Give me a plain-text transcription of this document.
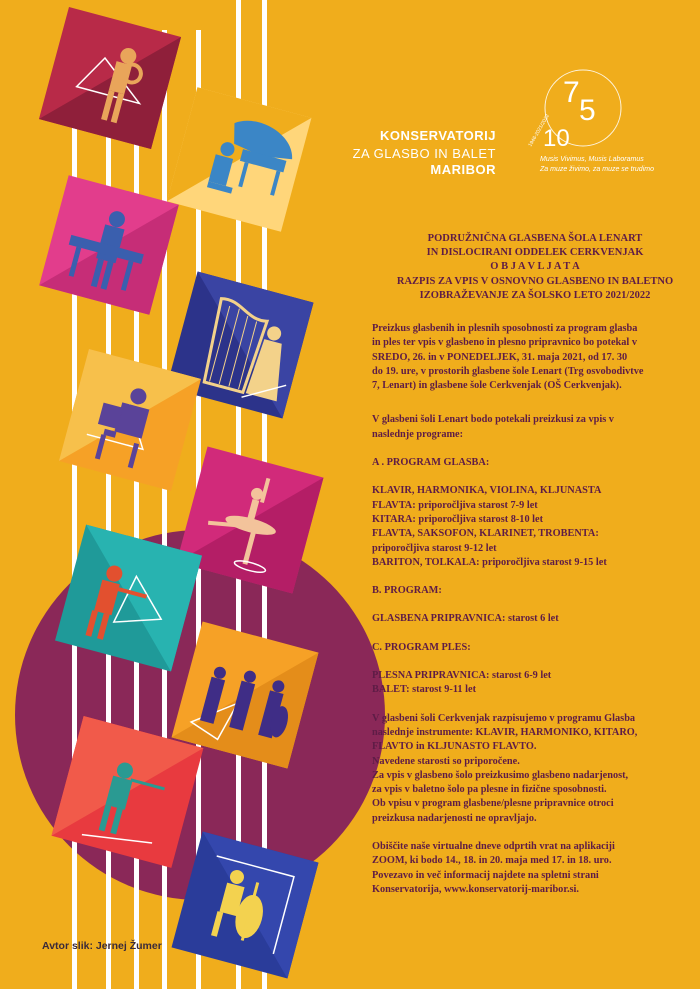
KONSERVATORIJ
ZA GLASBO IN BALET
MARIBOR
7
5
10
1946-2021/2022
Musis Vivimus, Musis Laboramus
Za muze živimo, za muze se trudimo
PODRUŽNIČNA GLASBENA ŠOLA LENART
IN DISLOCIRANI ODDELEK CERKVENJAK
O B J A V L J A T A
RAZPIS ZA VPIS V OSNOVNO GLASBENO IN BALETNO
IZOBRAŽEVANJE ZA ŠOLSKO LETO 2021/2022

Preizkus glasbenih in plesnih sposobnosti za program glasba

in ples ter vpis v glasbeno in plesno pripravnico bo potekal v

SREDO, 26. in v PONEDELJEK, 31. maja 2021, od 17. 30

do 19. ure, v prostorih glasbene šole Lenart (Trg osvobodivtve

7, Lenart) in glasbene šole Cerkvenjak (OŠ Cerkvenjak).

V glasbeni šoli Lenart bodo potekali preizkusi za vpis v

naslednje programe:

A . PROGRAM GLASBA:

KLAVIR, HARMONIKA, VIOLINA, KLJUNASTA

FLAVTA: priporočljiva starost 7-9 let

KITARA: priporočljiva starost 8-10 let

FLAVTA, SAKSOFON, KLARINET, TROBENTA:

priporočljiva starost 9-12 let

BARITON, TOLKALA: priporočljiva starost 9-15 let

B. PROGRAM:

GLASBENA PRIPRAVNICA: starost 6 let

C. PROGRAM PLES:

PLESNA PRIPRAVNICA: starost 6-9 let

BALET: starost 9-11 let

V glasbeni šoli Cerkvenjak razpisujemo v programu Glasba

naslednje instrumente: KLAVIR, HARMONIKO, KITARO,

FLAVTO in KLJUNASTO FLAVTO.

Navedene starosti so priporočene.

Za vpis v glasbeno šolo preizkusimo glasbeno nadarjenost,

za vpis v baletno šolo pa plesne in fizične sposobnosti.

Ob vpisu v program glasbene/plesne pripravnice otroci

preizkusa nadarjenosti ne opravljajo.

Obiščite naše virtualne dneve odprtih vrat na aplikaciji

ZOOM, ki bodo 14., 18. in 20. maja med 17. in 18. uro.

Povezavo in več informacij najdete na spletni strani

Konservatorija, www.konservatorij-maribor.si.

Avtor slik: Jernej Žumer
